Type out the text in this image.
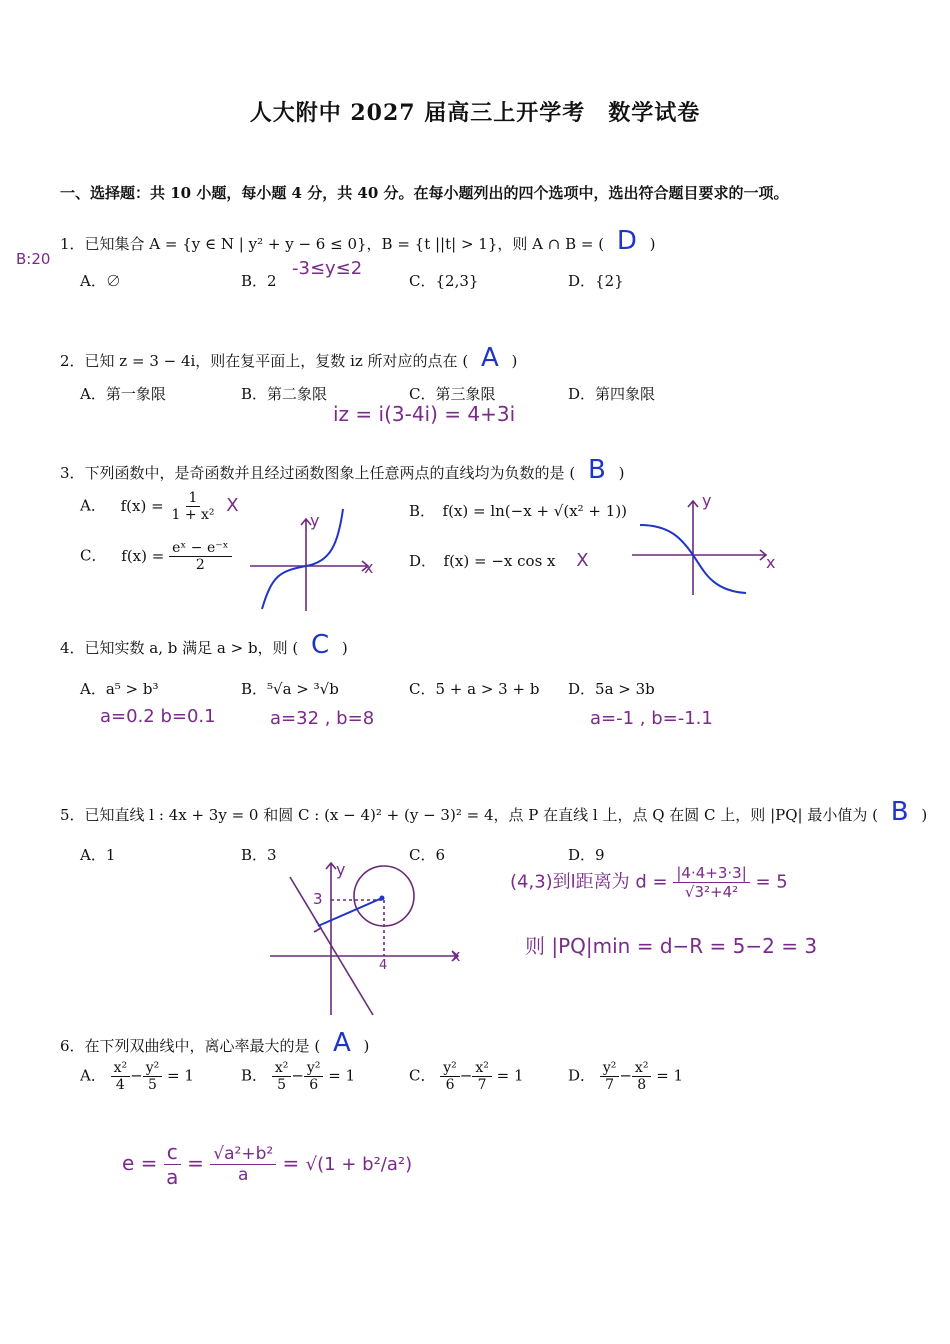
人大附中 2027 届高三上开学考　数学试卷
一、选择题：共 10 小题，每小题 4 分，共 40 分。在每小题列出的四个选项中，选出符合题目要求的一项。
1．已知集合 A = {y ∈ N | y² + y − 6 ≤ 0}，B = {t ||t| > 1}，则 A ∩ B = ( D )
B:20	-3≤y≤2
A．∅	B．2	C．{2,3}	D．{2}
2．已知 z = 3 − 4i，则在复平面上，复数 iz 所对应的点在 ( A )
A．第一象限	B．第二象限	C．第三象限	D．第四象限
iz = i(3-4i) = 4+3i
3．下列函数中，是奇函数并且经过函数图象上任意两点的直线均为负数的是 ( B )
A． $f(x) = \frac{1}{\text{1 + x²}}$ X	B．　f(x) = ln(−x + √(x² + 1))
C． $f(x) = \frac{\text{eˣ − e⁻ˣ}}{2}$	D．　f(x) = −x cos x X
y
x
y
x
4．已知实数 a, b 满足 a > b，则 ( C )
A．a⁵ > b³	B．⁵√a > ³√b	C．5 + a > 3 + b D．5a > 3b
a=0.2 b=0.1	a=32 , b=8	a=-1 , b=-1.1
5．已知直线 l : 4x + 3y = 0 和圆 C : (x − 4)² + (y − 3)² = 4，点 P 在直线 l 上，点 Q 在圆 C 上，则 |PQ| 最小值为 ( B )
A．1	B．3	C．6	D．9
y
x
3
4
(4,3)到l距离为 $d = \frac{|4\cdot 4+3\cdot 3|}{\text{√3²+4²}} = 5$
则 |PQ|min = d−R = 5−2 = 3
6．在下列双曲线中，离心率最大的是 ( A )
A． $\frac{\text{x²}}{4} - \frac{\text{y²}}{5} = 1$	B． $\frac{\text{x²}}{5} - \frac{\text{y²}}{6} = 1$	C． $\frac{\text{y²}}{6} - \frac{\text{x²}}{7} = 1$	D． $\frac{\text{y²}}{7} - \frac{\text{x²}}{8} = 1$
$e = \frac{c}{a} = \frac{\text{√a²+b²}}{a} = √(1 + b^2/a^2)$
